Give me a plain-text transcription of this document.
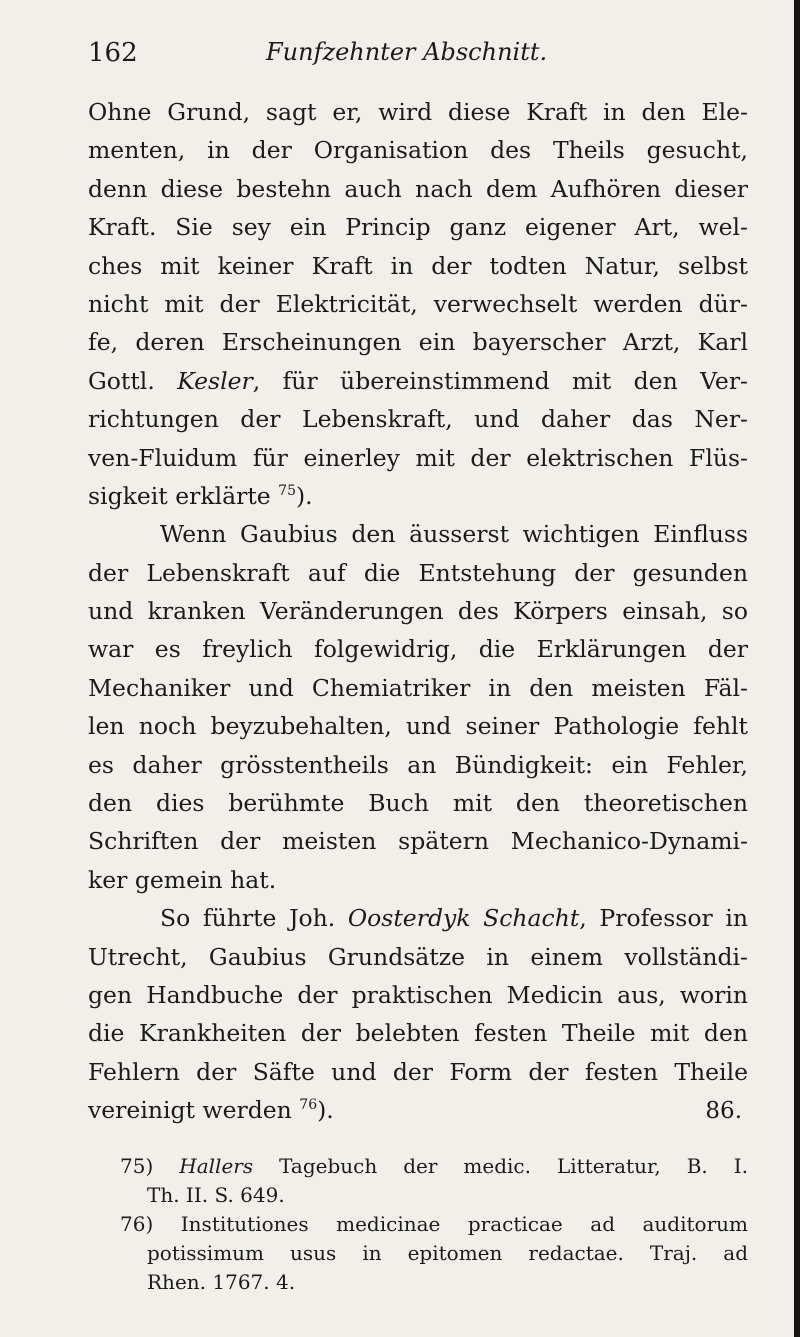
162	Funfzehnter Abschnitt.
Ohne Grund, sagt er, wird diese Kraft in den Ele-
menten, in der Organisation des Theils gesucht,
denn diese bestehn auch nach dem Aufhören dieser
Kraft. Sie sey ein Princip ganz eigener Art, wel-
ches mit keiner Kraft in der todten Natur, selbst
nicht mit der Elektricität, verwechselt werden dür-
fe, deren Erscheinungen ein bayerscher Arzt, Karl
Gottl. Kesler, für übereinstimmend mit den Ver-
richtungen der Lebenskraft, und daher das Ner-
ven-Fluidum für einerley mit der elektrischen Flüs-
sigkeit erklärte $^{75}$).
Wenn Gaubius den äusserst wichtigen Einfluss
der Lebenskraft auf die Entstehung der gesunden
und kranken Veränderungen des Körpers einsah, so
war es freylich folgewidrig, die Erklärungen der
Mechaniker und Chemiatriker in den meisten Fäl-
len noch beyzubehalten, und seiner Pathologie fehlt
es daher grösstentheils an Bündigkeit: ein Fehler,
den dies berühmte Buch mit den theoretischen
Schriften der meisten spätern Mechanico-Dynami-
ker gemein hat.
So führte Joh. Oosterdyk Schacht, Professor in
Utrecht, Gaubius Grundsätze in einem vollständi-
gen Handbuche der praktischen Medicin aus, worin
die Krankheiten der belebten festen Theile mit den
Fehlern der Säfte und der Form der festen Theile
vereinigt werden $^{76}$).	86.
75) Hallers Tagebuch der medic. Litteratur, B. I.
Th. II. S. 649.
76) Institutiones medicinae practicae ad auditorum
potissimum usus in epitomen redactae. Traj. ad
Rhen. 1767. 4.
